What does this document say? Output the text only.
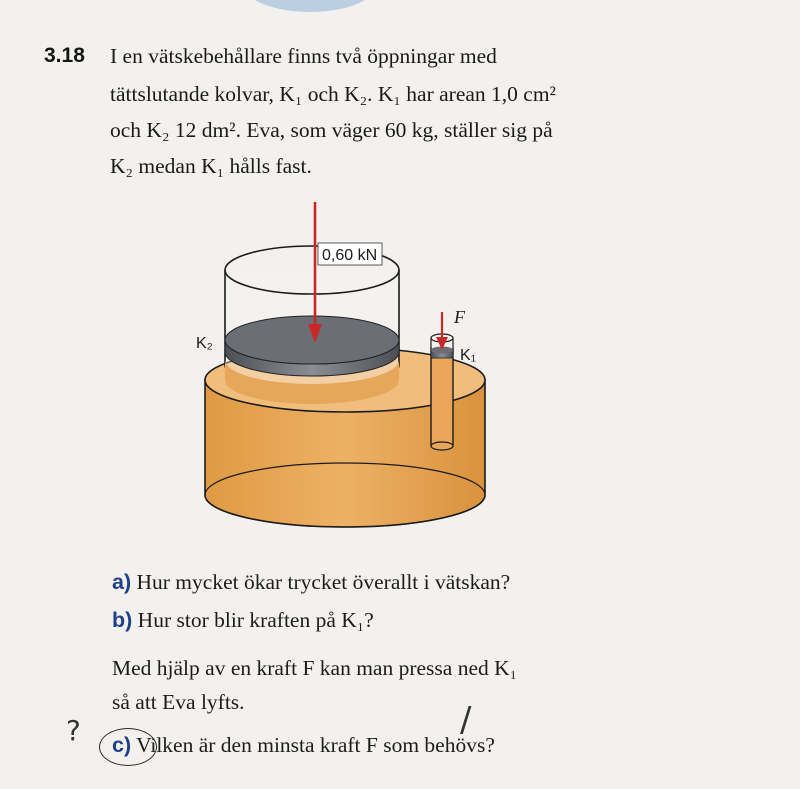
3.18 I en vätskebehållare finns två öppningar med
tättslutande kolvar, K₁ och K₂. K₁ har arean 1,0 cm²
och K₂ 12 dm². Eva, som väger 60 kg, ställer sig på
K₂ medan K₁ hålls fast.
0,60 kN
F
K₁
K₂
a) Hur mycket ökar trycket överallt i vätskan?
b) Hur stor blir kraften på K₁?
Med hjälp av en kraft F kan man pressa ned K₁
så att Eva lyfts.
c) Vilken är den minsta kraft F som behövs?
?	/
